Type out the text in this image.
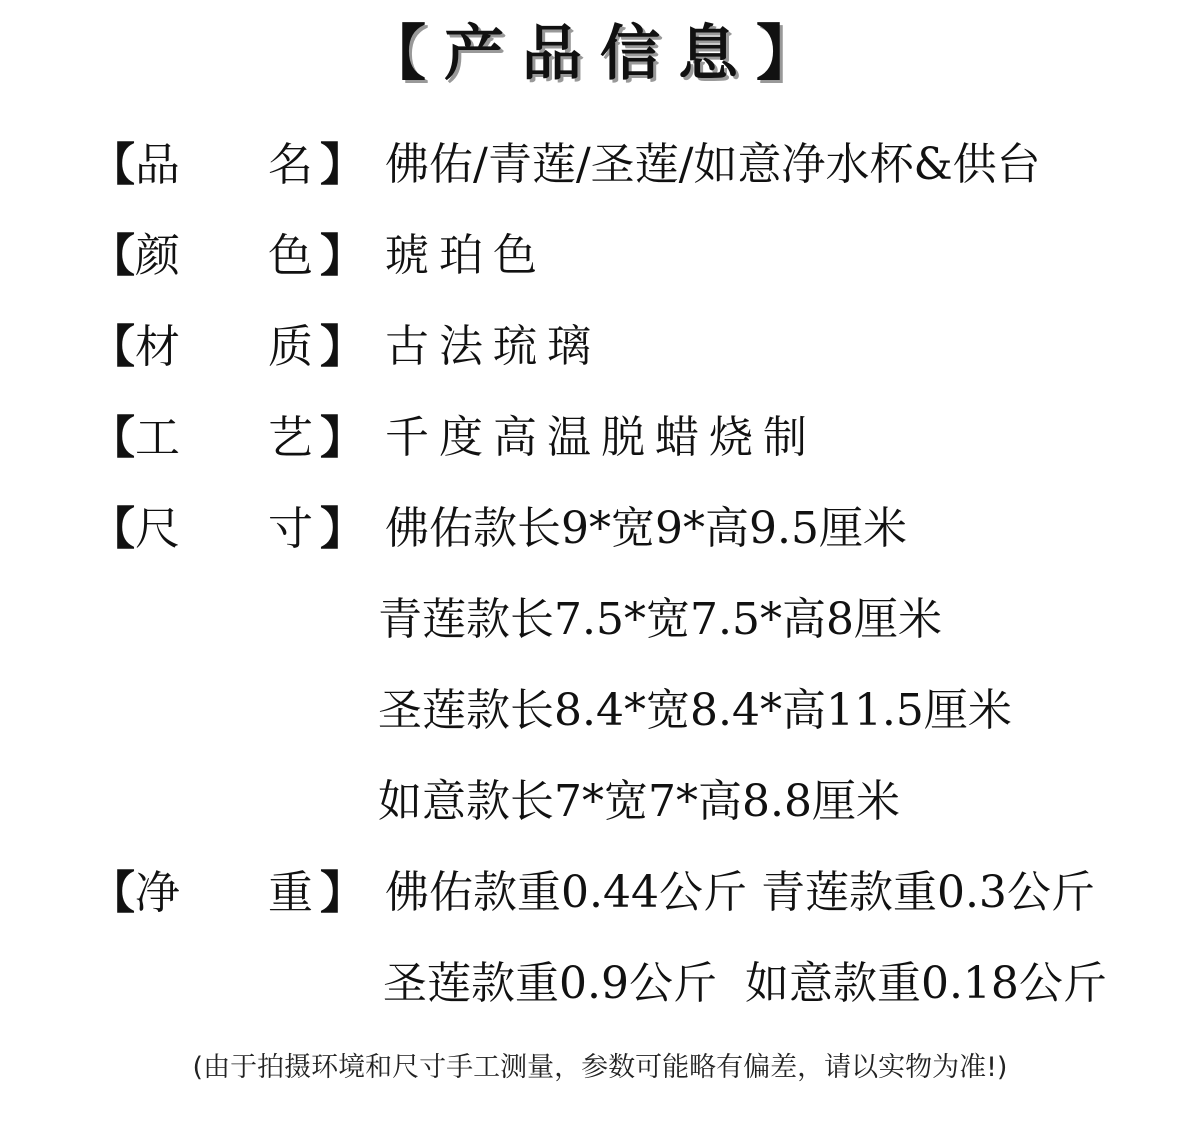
【产品信息】
【 品 名 】 佛佑/青莲/圣莲/如意净水杯&供台
【 颜 色 】 琥珀色
【 材 质 】 古法琉璃
【 工 艺 】 千度高温脱蜡烧制
【 尺 寸 】 佛佑款长9*宽9*高9.5厘米
青莲款长7.5*宽7.5*高8厘米
圣莲款长8.4*宽8.4*高11.5厘米
如意款长7*宽7*高8.8厘米
【 净 重 】 佛佑款重0.44公斤 青莲款重0.3公斤
圣莲款重0.9公斤  如意款重0.18公斤
(由于拍摄环境和尺寸手工测量，参数可能略有偏差，请以实物为准!)
